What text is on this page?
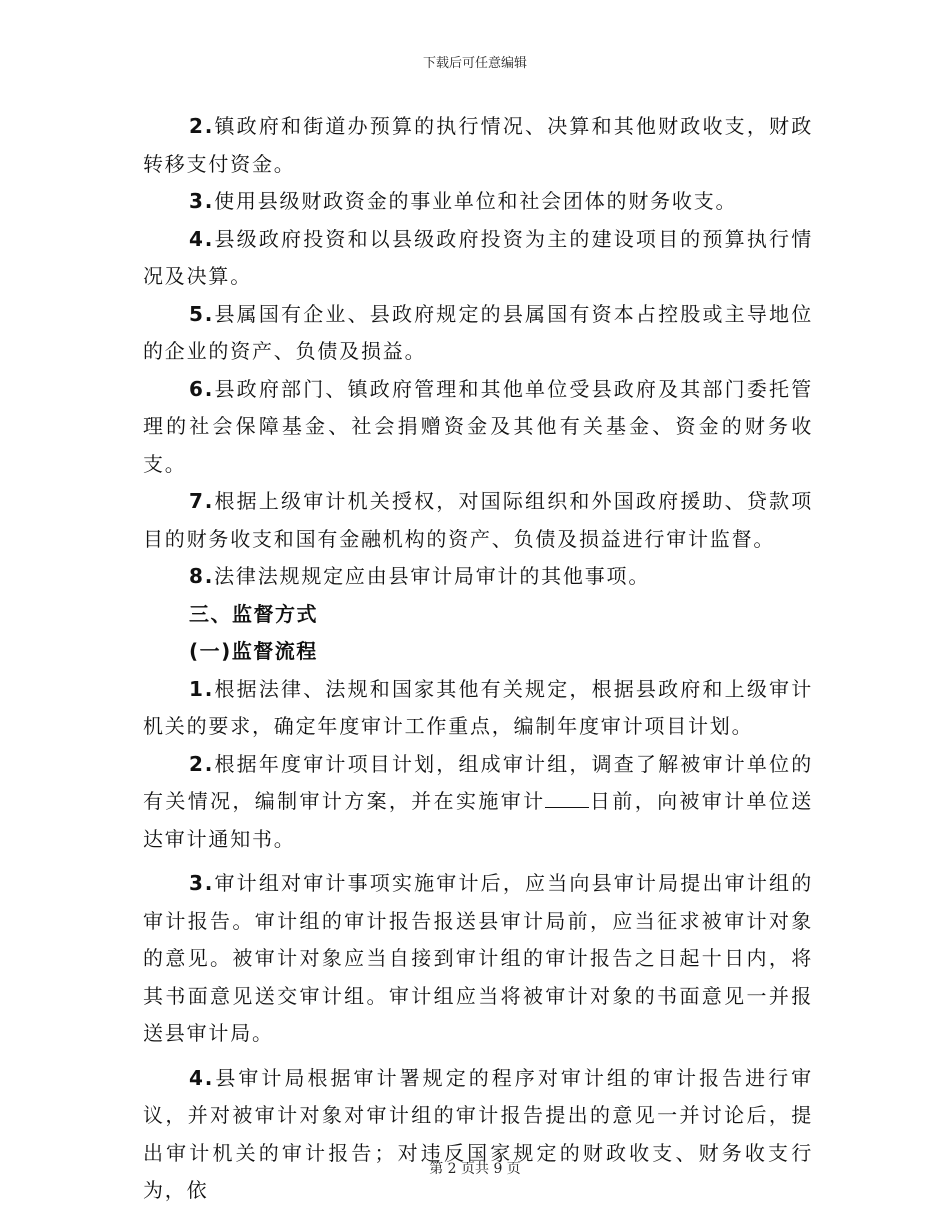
下载后可任意编辑

2.镇政府和街道办预算的执行情况、决算和其他财政收支，财政转移支付资金。

3.使用县级财政资金的事业单位和社会团体的财务收支。

4.县级政府投资和以县级政府投资为主的建设项目的预算执行情况及决算。

5.县属国有企业、县政府规定的县属国有资本占控股或主导地位的企业的资产、负债及损益。

6.县政府部门、镇政府管理和其他单位受县政府及其部门委托管理的社会保障基金、社会捐赠资金及其他有关基金、资金的财务收支。

7.根据上级审计机关授权，对国际组织和外国政府援助、贷款项目的财务收支和国有金融机构的资产、负债及损益进行审计监督。

8.法律法规规定应由县审计局审计的其他事项。

三、监督方式

(一)监督流程

1.根据法律、法规和国家其他有关规定，根据县政府和上级审计机关的要求，确定年度审计工作重点，编制年度审计项目计划。

2.根据年度审计项目计划，组成审计组，调查了解被审计单位的有关情况，编制审计方案，并在实施审计 日前，向被审计单位送达审计通知书。

3.审计组对审计事项实施审计后，应当向县审计局提出审计组的审计报告。审计组的审计报告报送县审计局前，应当征求被审计对象的意见。被审计对象应当自接到审计组的审计报告之日起十日内，将其书面意见送交审计组。审计组应当将被审计对象的书面意见一并报送县审计局。

4.县审计局根据审计署规定的程序对审计组的审计报告进行审议，并对被审计对象对审计组的审计报告提出的意见一并讨论后，提出审计机关的审计报告；对违反国家规定的财政收支、财务收支行为，依

第 2 页共 9 页
